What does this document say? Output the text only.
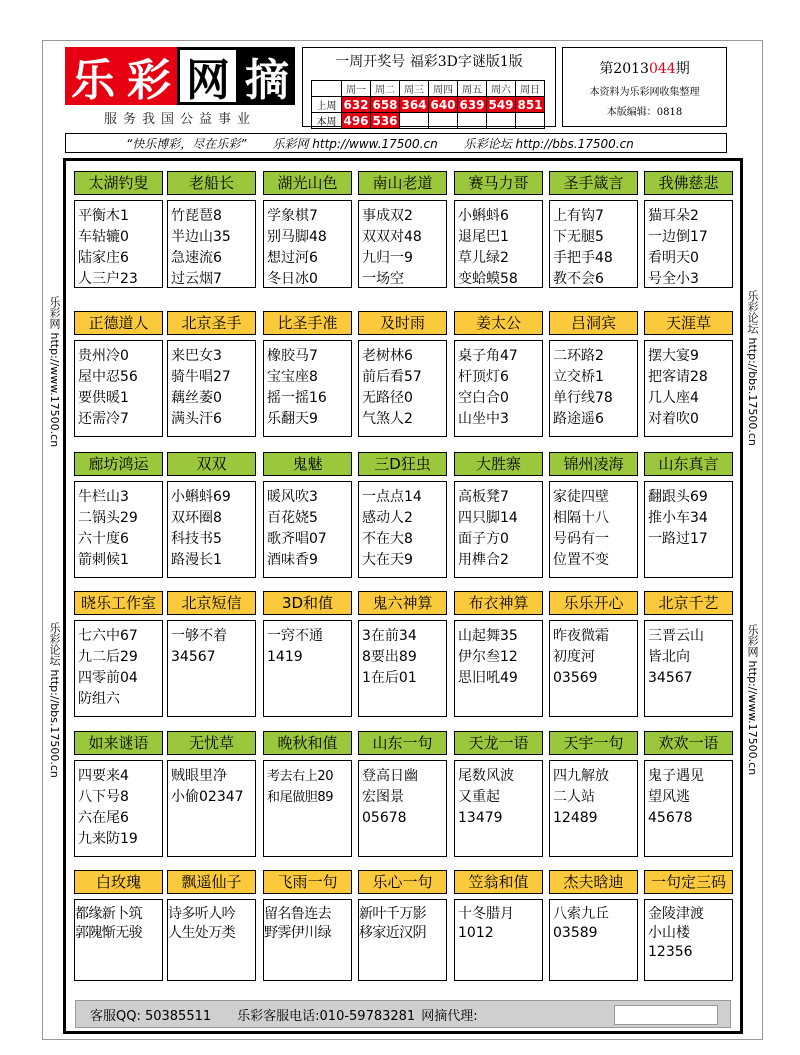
乐 彩 网 摘
服务我国公益事业
一周开奖号 福彩3D字谜版1版
	周一	周二	周三	周四	周五	周六	周日
上周	632	658	364	640	639	549	851
本周	496	536					
第2013044期
本资料为乐彩网收集整理
本版编辑：0818
“快乐博彩，尽在乐彩” 乐彩网 http://www.17500.cn 乐彩论坛 http://bbs.17500.cn
乐彩网 http://www.17500.cn
乐彩论坛 http://bbs.17500.cn
乐彩论坛 http://bbs.17500.cn
乐彩网 http://www.17500.cn
太湖钓叟
平衡木1
车轱辘0
陆家庄6
人三户23
老船长
竹琵琶8
半边山35
急速流6
过云烟7
湖光山色
学象棋7
别马脚48
想过河6
冬日冰0
南山老道
事成双2
双双对48
九归一9
一场空
赛马力哥
小蝌蚪6
退尾巴1
草儿绿2
变蛤蟆58
圣手箴言
上有钩7
下无腿5
手把手48
教不会6
我佛慈悲
猫耳朵2
一边倒17
看明天0
号全小3
正德道人
贵州冷0
屋中忍56
要供暖1
还需冷7
北京圣手
来巴女3
骑牛唱27
藕丝萎0
满头汗6
比圣手准
橡胶马7
宝宝座8
摇一摇16
乐翻天9
及时雨
老树林6
前后看57
无路径0
气煞人2
姜太公
桌子角47
杆顶灯6
空白合0
山坐中3
吕洞宾
二环路2
立交桥1
单行线78
路途遥6
天涯草
摆大宴9
把客请28
几人座4
对着吹0
廊坊鸿运
牛栏山3
二锅头29
六十度6
箭刺候1
双双
小蝌蚪69
双环圈8
科技书5
路漫长1
鬼魅
暖风吹3
百花娆5
歌齐唱07
酒味香9
三D狂虫
一点点14
感动人2
不在大8
大在天9
大胜寨
高板凳7
四只脚14
面子方0
用榫合2
锦州凌海
家徒四壁
相隔十八
号码有一
位置不变
山东真言
翻跟头69
推小车34
一路过17
晓乐工作室
七六中67
九二后29
四零前04
防组六
北京短信
一够不着
34567
3D和值
一窍不通
1419
鬼六神算
3在前34
8要出89
1在后01
布衣神算
山起舞35
伊尔叁12
思旧吼49
乐乐开心
昨夜微霜
初度河
03569
北京千艺
三晋云山
皆北向
34567
如来谜语
四要来4
八下号8
六在尾6
九来防19
无忧草
贼眼里净
小偷02347
晚秋和值
考去右上20
和尾做胆89
山东一句
登高日幽
宏图景
05678
天龙一语
尾数风波
又重起
13479
天宇一句
四九解放
二人站
12489
欢欢一语
鬼子遇见
望风逃
45678
白玫瑰
都缘新卜筑
郭隗惭无骏
飘遥仙子
诗多听人吟
人生处万类
飞雨一句
留名鲁连去
野霁伊川绿
乐心一句
新叶千万影
移家近汉阴
笠翁和值
十冬腊月
1012
杰夫晗迪
八索九丘
03589
一句定三码
金陵津渡
小山楼
12356
客服QQ: 50385511 乐彩客服电话:010-59783281 网摘代理:
